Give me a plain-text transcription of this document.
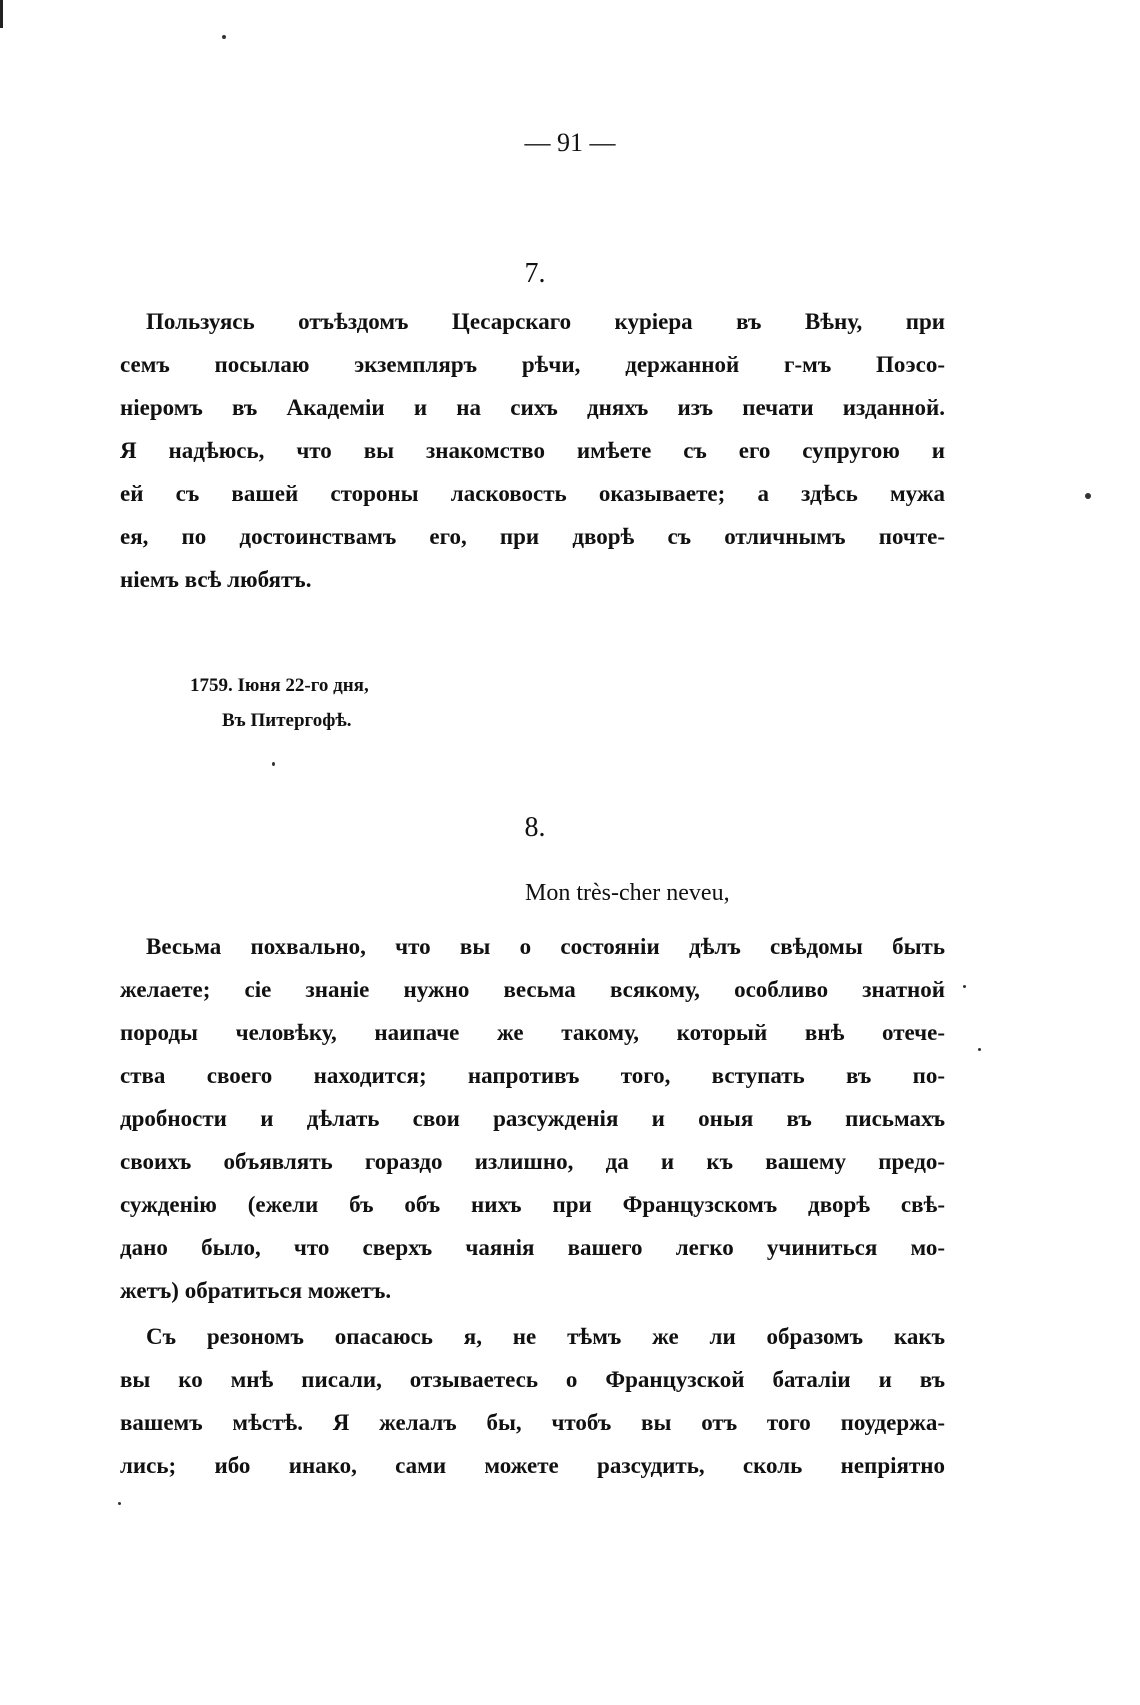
— 91 —
7.
Пользуясь отъѣздомъ Цесарскаго курiера въ Вѣну, при
семъ посылаю экземпляръ рѣчи, держанной г-мъ Поэсо-
нiеромъ въ Академiи и на сихъ дняхъ изъ печати изданной.
Я надѣюсь, что вы знакомство имѣете съ его супругою и
ей съ вашей стороны ласковость оказываете; а здѣсь мужа
ея, по достоинствамъ его, при дворѣ съ отличнымъ почте-
нiемъ всѣ любятъ.
1759. Iюня 22-го дня,
Въ Питергофѣ.
8.
Mon très-cher neveu,
Весьма похвально, что вы о состоянiи дѣлъ свѣдомы быть
желаете; сiе знанiе нужно весьма всякому, особливо знатной
породы человѣку, наипаче же такому, который внѣ отече-
ства своего находится; напротивъ того, вступать въ по-
дробности и дѣлать свои разсужденiя и оныя въ письмахъ
своихъ объявлять гораздо излишно, да и къ вашему предо-
сужденiю (ежели бъ объ нихъ при Французскомъ дворѣ свѣ-
дано было, что сверхъ чаянiя вашего легко учиниться мо-
жетъ) обратиться можетъ.
Съ резономъ опасаюсь я, не тѣмъ же ли образомъ какъ
вы ко мнѣ писали, отзываетесь о Французской баталiи и въ
вашемъ мѣстѣ. Я желалъ бы, чтобъ вы отъ того поудержа-
лись; ибо инако, сами можете разсудить, сколь непрiятно
